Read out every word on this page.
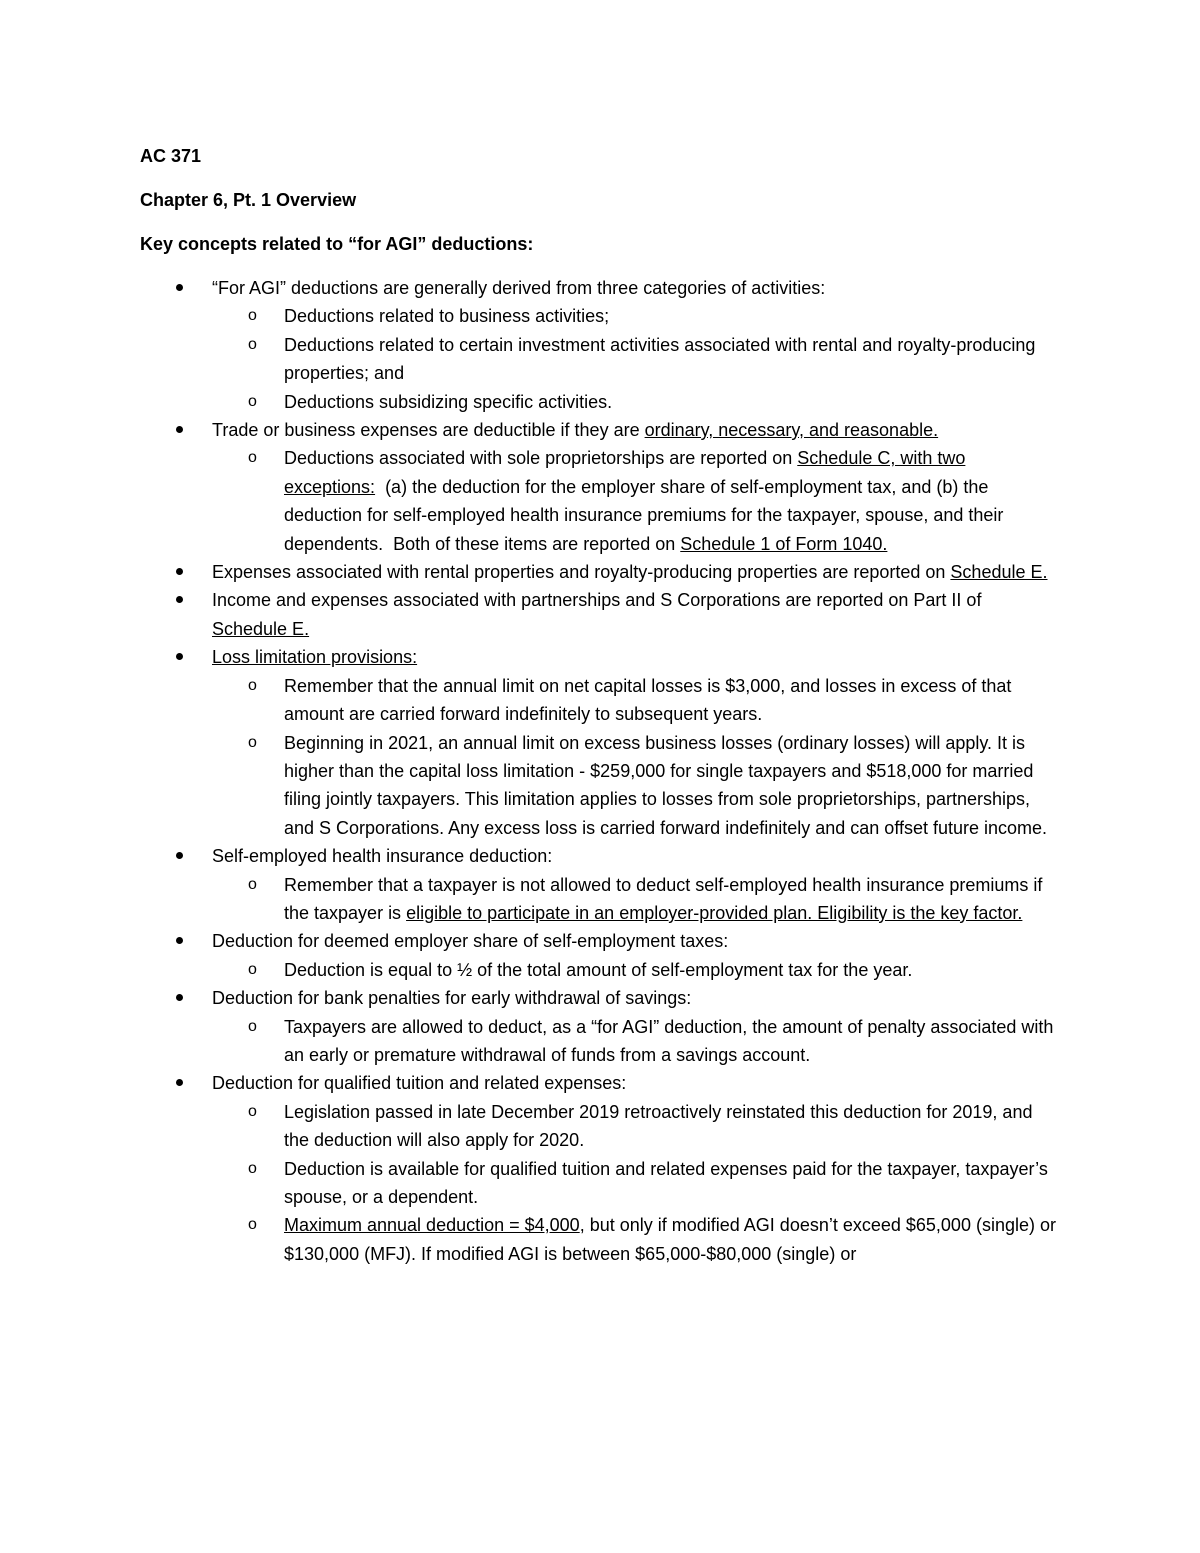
AC 371

Chapter 6, Pt. 1 Overview

Key concepts related to “for AGI” deductions:

“For AGI” deductions are generally derived from three categories of activities:
o Deductions related to business activities;
o Deductions related to certain investment activities associated with rental and royalty-producing properties; and
o Deductions subsidizing specific activities.
Trade or business expenses are deductible if they are ordinary, necessary, and reasonable.
o Deductions associated with sole proprietorships are reported on Schedule C, with two exceptions:  (a) the deduction for the employer share of self-employment tax, and (b) the deduction for self-employed health insurance premiums for the taxpayer, spouse, and their dependents.  Both of these items are reported on Schedule 1 of Form 1040.
Expenses associated with rental properties and royalty-producing properties are reported on Schedule E.
Income and expenses associated with partnerships and S Corporations are reported on Part II of Schedule E.
Loss limitation provisions:
o Remember that the annual limit on net capital losses is $3,000, and losses in excess of that amount are carried forward indefinitely to subsequent years.
o Beginning in 2021, an annual limit on excess business losses (ordinary losses) will apply. It is higher than the capital loss limitation - $259,000 for single taxpayers and $518,000 for married filing jointly taxpayers. This limitation applies to losses from sole proprietorships, partnerships, and S Corporations. Any excess loss is carried forward indefinitely and can offset future income.
Self-employed health insurance deduction:
o Remember that a taxpayer is not allowed to deduct self-employed health insurance premiums if the taxpayer is eligible to participate in an employer-provided plan. Eligibility is the key factor.
Deduction for deemed employer share of self-employment taxes:
o Deduction is equal to ½ of the total amount of self-employment tax for the year.
Deduction for bank penalties for early withdrawal of savings:
o Taxpayers are allowed to deduct, as a “for AGI” deduction, the amount of penalty associated with an early or premature withdrawal of funds from a savings account.
Deduction for qualified tuition and related expenses:
o Legislation passed in late December 2019 retroactively reinstated this deduction for 2019, and the deduction will also apply for 2020.
o Deduction is available for qualified tuition and related expenses paid for the taxpayer, taxpayer’s spouse, or a dependent.
o Maximum annual deduction = $4,000, but only if modified AGI doesn’t exceed $65,000 (single) or $130,000 (MFJ). If modified AGI is between $65,000-$80,000 (single) or
